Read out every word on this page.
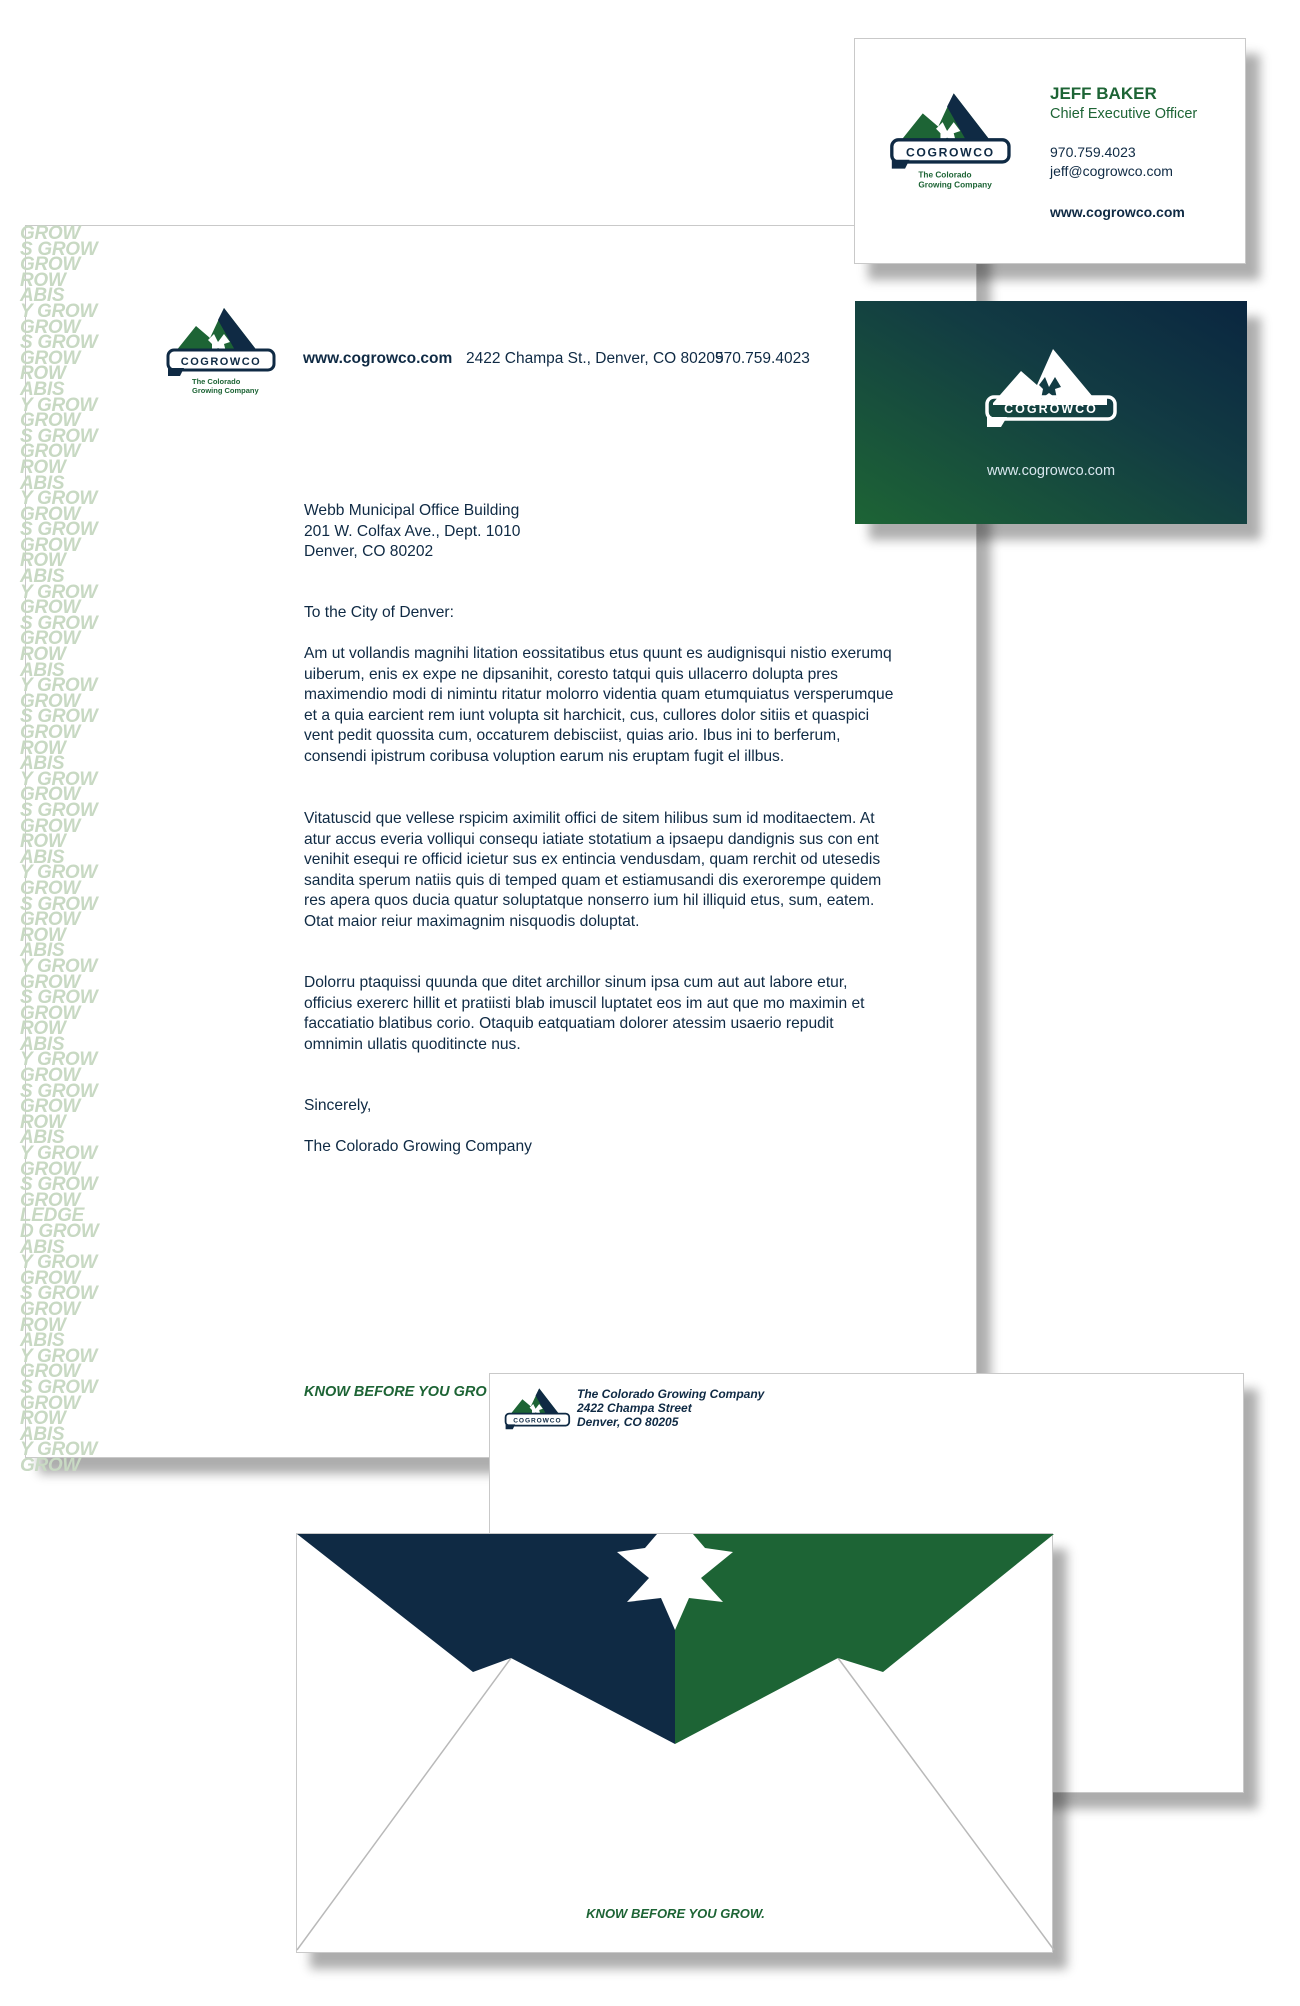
GROW
S GROW
GROW
ROW
ABIS
Y GROW
GROW
S GROW
GROW
ROW
ABIS
Y GROW
GROW
S GROW
GROW
ROW
ABIS
Y GROW
GROW
S GROW
GROW
ROW
ABIS
Y GROW
GROW
S GROW
GROW
ROW
ABIS
Y GROW
GROW
S GROW
GROW
ROW
ABIS
Y GROW
GROW
S GROW
GROW
ROW
ABIS
Y GROW
GROW
S GROW
GROW
ROW
ABIS
Y GROW
GROW
S GROW
GROW
ROW
ABIS
Y GROW
GROW
S GROW
GROW
ROW
ABIS
Y GROW
GROW
S GROW
GROW
LEDGE
D GROW
ABIS
Y GROW
GROW
S GROW
GROW
ROW
ABIS
Y GROW
GROW
S GROW
GROW
ROW
ABIS
Y GROW
GROW
COGROWCO
The Colorado
Growing Company
www.cogrowco.com 2422 Champa St., Denver, CO 80205
970.759.4023

Webb Municipal Office Building

201 W. Colfax Ave., Dept. 1010

Denver, CO 80202

To the City of Denver:
Am ut vollandis magnihi litation eossitatibus etus quunt es audignisqui nistio exerumq uiberum, enis ex expe ne dipsanihit, coresto tatqui quis ullacerro dolupta pres maximendio modi di nimintu ritatur molorro videntia quam etumquiatus versperumque et a quia earcient rem iunt volupta sit harchicit, cus, cullores dolor sitiis et quaspici vent pedit quossita cum, occaturem debisciist, quias ario. Ibus ini to berferum, consendi ipistrum coribusa voluption earum nis eruptam fugit el illbus.
Vitatuscid que vellese rspicim aximilit offici de sitem hilibus sum id moditaectem. At atur accus everia volliqui consequ iatiate stotatium a ipsaepu dandignis sus con ent venihit esequi re officid icietur sus ex entincia vendusdam, quam rerchit od utesedis sandita sperum natiis quis di temped quam et estiamusandi dis exerorempe quidem res apera quos ducia quatur soluptatque nonserro ium hil illiquid etus, sum, eatem. Otat maior reiur maximagnim nisquodis doluptat.
Dolorru ptaquissi quunda que ditet archillor sinum ipsa cum aut aut labore etur, officius exererc hillit et pratiisti blab imuscil luptatet eos im aut que mo maximin et faccatiatio blatibus corio. Otaquib eatquatiam dolorer atessim usaerio repudit omnimin ullatis quoditincte nus.
Sincerely,
The Colorado Growing Company
KNOW BEFORE YOU GRO
COGROWCO
The Colorado
Growing Company
JEFF BAKER
Chief Executive Officer
970.759.4023
jeff@cogrowco.com
www.cogrowco.com
COGROWCO
www.cogrowco.com
COGROWCO
The Colorado Growing Company
2422 Champa Street
Denver, CO 80205
KNOW BEFORE YOU GROW.
